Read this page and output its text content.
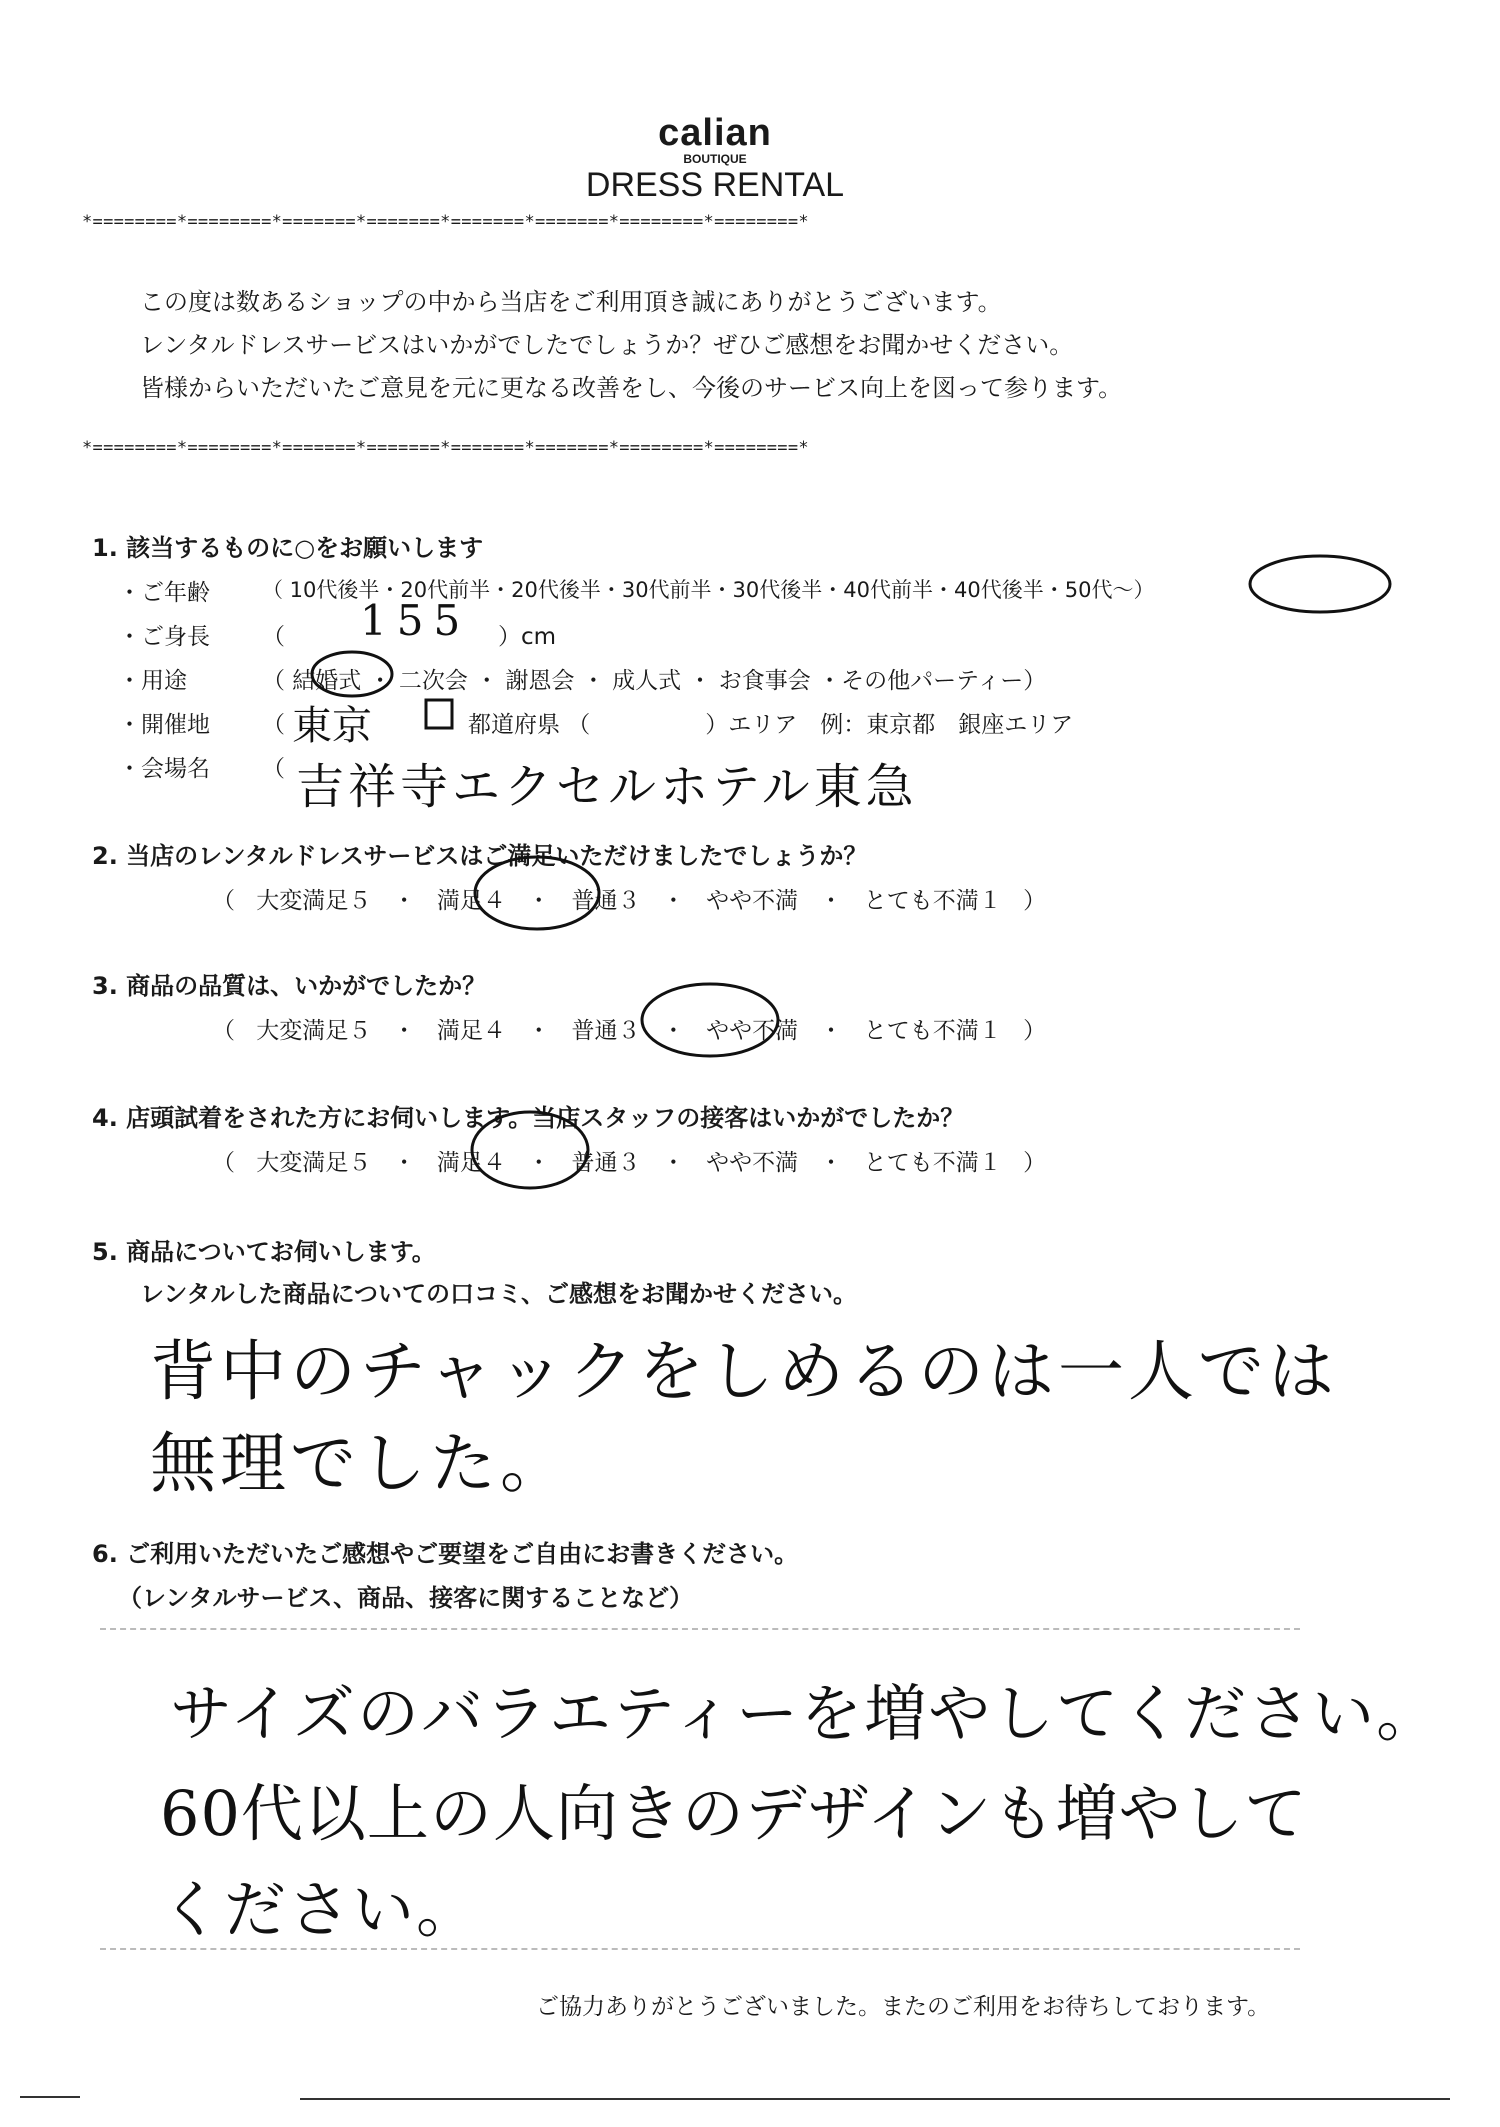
calian
BOUTIQUE
DRESS RENTAL
*========*========*=======*=======*=======*=======*========*========*
この度は数あるショップの中から当店をご利用頂き誠にありがとうございます。
レンタルドレスサービスはいかがでしたでしょうか？ぜひご感想をお聞かせください。
皆様からいただいたご意見を元に更なる改善をし、今後のサービス向上を図って参ります。
*========*========*=======*=======*=======*=======*========*========*
1. 該当するものに○をお願いします
・ご年齢 （ 10代後半・20代前半・20代後半・30代前半・30代後半・40代前半・40代後半・50代〜）
・ご身長 （ 155 ）cm
・用途	（ 結婚式 ・ 二次会 ・ 謝恩会 ・ 成人式 ・ お食事会 ・その他パーティー）
・開催地 （ 東京	都道府県 （　　　　　）エリア　例：東京都　銀座エリア
・会場名 （ 吉祥寺エクセルホテル東急
2. 当店のレンタルドレスサービスはご満足いただけましたでしょうか？
（ 大変満足５ ・ 満足４ ・ 普通３ ・ やや不満 ・ とても不満１ ）
3. 商品の品質は、いかがでしたか？
（ 大変満足５ ・ 満足４ ・ 普通３ ・ やや不満 ・ とても不満１ ）
4. 店頭試着をされた方にお伺いします。当店スタッフの接客はいかがでしたか？
（ 大変満足５ ・ 満足４ ・ 普通３ ・ やや不満 ・ とても不満１ ）
5. 商品についてお伺いします。
レンタルした商品についての口コミ、ご感想をお聞かせください。
背中のチャックをしめるのは一人では
無理でした。
6. ご利用いただいたご感想やご要望をご自由にお書きください。
（レンタルサービス、商品、接客に関することなど）
サイズのバラエティーを増やしてください。
60代以上の人向きのデザインも増やして
ください。
ご協力ありがとうございました。またのご利用をお待ちしております。
